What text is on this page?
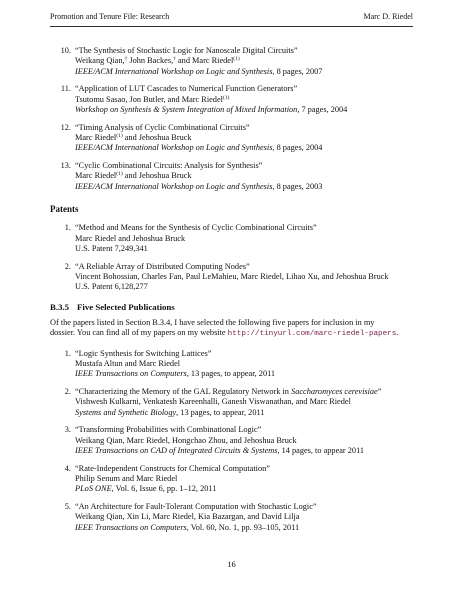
Promotion and Tenure File: Research	Marc D. Riedel
10. “The Synthesis of Stochastic Logic for Nanoscale Digital Circuits”
Weikang Qian,† John Backes,† and Marc Riedel$^{(1)}$
IEEE/ACM International Workshop on Logic and Synthesis, 8 pages, 2007
11. “Application of LUT Cascades to Numerical Function Generators”
Tsutomu Sasao, Jon Butler, and Marc Riedel$^{(1)}$
Workshop on Synthesis & System Integration of Mixed Information, 7 pages, 2004
12. “Timing Analysis of Cyclic Combinational Circuits”
Marc Riedel$^{(1)}$ and Jehoshua Bruck
IEEE/ACM International Workshop on Logic and Synthesis, 8 pages, 2004
13. “Cyclic Combinational Circuits: Analysis for Synthesis”
Marc Riedel$^{(1)}$ and Jehoshua Bruck
IEEE/ACM International Workshop on Logic and Synthesis, 8 pages, 2003
Patents
1. “Method and Means for the Synthesis of Cyclic Combinational Circuits”
Marc Riedel and Jehoshua Bruck
U.S. Patent 7,249,341
2. “A Reliable Array of Distributed Computing Nodes”
Vincent Bohossian, Charles Fan, Paul LeMahieu, Marc Riedel, Lihao Xu, and Jehoshua Bruck
U.S. Patent 6,128,277
B.3.5 Five Selected Publications
Of the papers listed in Section B.3.4, I have selected the following five papers for inclusion in my
dossier. You can find all of my papers on my website http://tinyurl.com/marc-riedel-papers.
1. “Logic Synthesis for Switching Lattices”
Mustafa Altun and Marc Riedel
IEEE Transactions on Computers, 13 pages, to appear, 2011
2. “Characterizing the Memory of the GAL Regulatory Network in Saccharomyces cerevisiae”
Vishwesh Kulkarni, Venkatesh Kareenhalli, Ganesh Viswanathan, and Marc Riedel
Systems and Synthetic Biology, 13 pages, to appear, 2011
3. “Transforming Probabilities with Combinational Logic”
Weikang Qian, Marc Riedel, Hongchao Zhou, and Jehoshua Bruck
IEEE Transactions on CAD of Integrated Circuits & Systems, 14 pages, to appear 2011
4. “Rate-Independent Constructs for Chemical Computation”
Philip Senum and Marc Riedel
PLoS ONE, Vol. 6, Issue 6, pp. 1–12, 2011
5. “An Architecture for Fault-Tolerant Computation with Stochastic Logic”
Weikang Qian, Xin Li, Marc Riedel, Kia Bazargan, and David Lilja
IEEE Transactions on Computers, Vol. 60, No. 1, pp. 93–105, 2011
16
